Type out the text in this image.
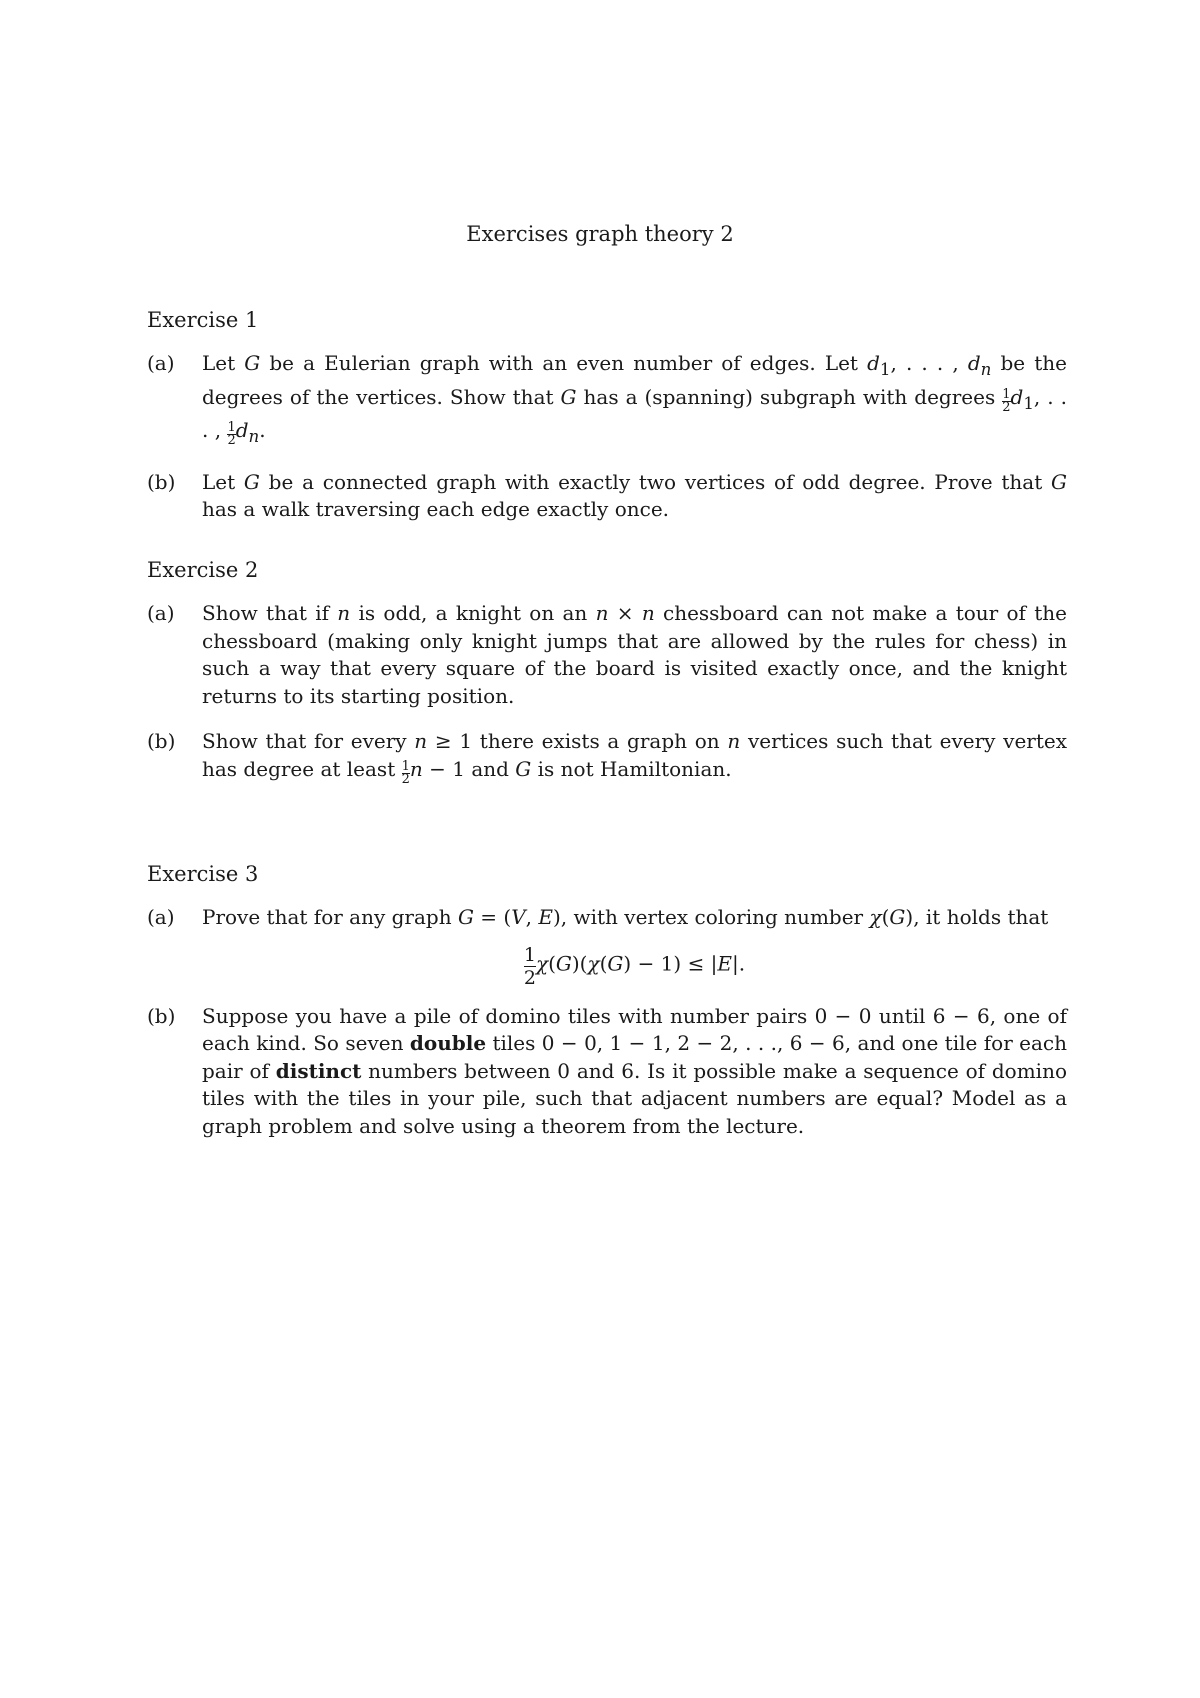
Exercises graph theory 2
Exercise 1
(a) Let G be a Eulerian graph with an even number of edges. Let $d_1$, . . . , $d_n$ be the degrees of the vertices. Show that G has a (spanning) subgraph with degrees $\frac{1}{2} d_1$, . . . , $\frac{1}{2} d_n$.

(b) Let G be a connected graph with exactly two vertices of odd degree. Prove that G has a walk traversing each edge exactly once.

Exercise 2
(a) Show that if n is odd, a knight on an n × n chessboard can not make a tour of the chessboard (making only knight jumps that are allowed by the rules for chess) in such a way that every square of the board is visited exactly once, and the knight returns to its starting position.

(b) Show that for every n ≥ 1 there exists a graph on n vertices such that every vertex has degree at least $\frac{1}{2}$ n − 1 and G is not Hamiltonian.

Exercise 3
(a) Prove that for any graph G = (V, E), with vertex coloring number χ(G), it holds that

$\frac{1}{2} \chi(G)(\chi(G) - 1) \le |E|$.
(b) Suppose you have a pile of domino tiles with number pairs 0 − 0 until 6 − 6, one of each kind. So seven double tiles 0 − 0, 1 − 1, 2 − 2, . . ., 6 − 6, and one tile for each pair of distinct numbers between 0 and 6. Is it possible make a sequence of domino tiles with the tiles in your pile, such that adjacent numbers are equal? Model as a graph problem and solve using a theorem from the lecture.
